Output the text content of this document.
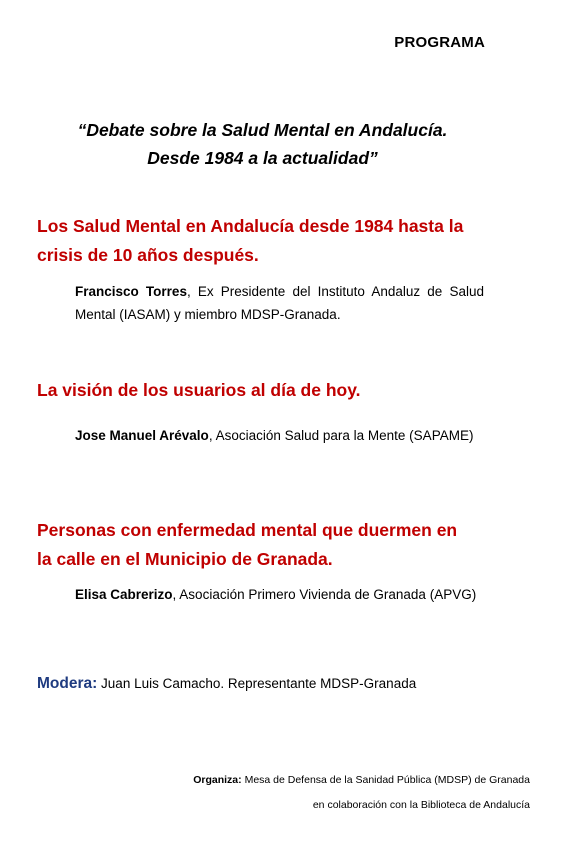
PROGRAMA
“Debate sobre la Salud Mental en Andalucía.
Desde 1984 a la actualidad”
Los Salud Mental en Andalucía desde 1984 hasta la
crisis de 10 años después.
Francisco Torres, Ex Presidente del Instituto Andaluz de Salud Mental (IASAM) y miembro MDSP-Granada.
La visión de los usuarios al día de hoy.
Jose Manuel Arévalo, Asociación Salud para la Mente (SAPAME)
Personas con enfermedad mental que duermen en
la calle en el Municipio de Granada.
Elisa Cabrerizo, Asociación Primero Vivienda de Granada (APVG)
Modera: Juan Luis Camacho. Representante MDSP-Granada
Organiza: Mesa de Defensa de la Sanidad Pública (MDSP) de Granada
en colaboración con la Biblioteca de Andalucía
